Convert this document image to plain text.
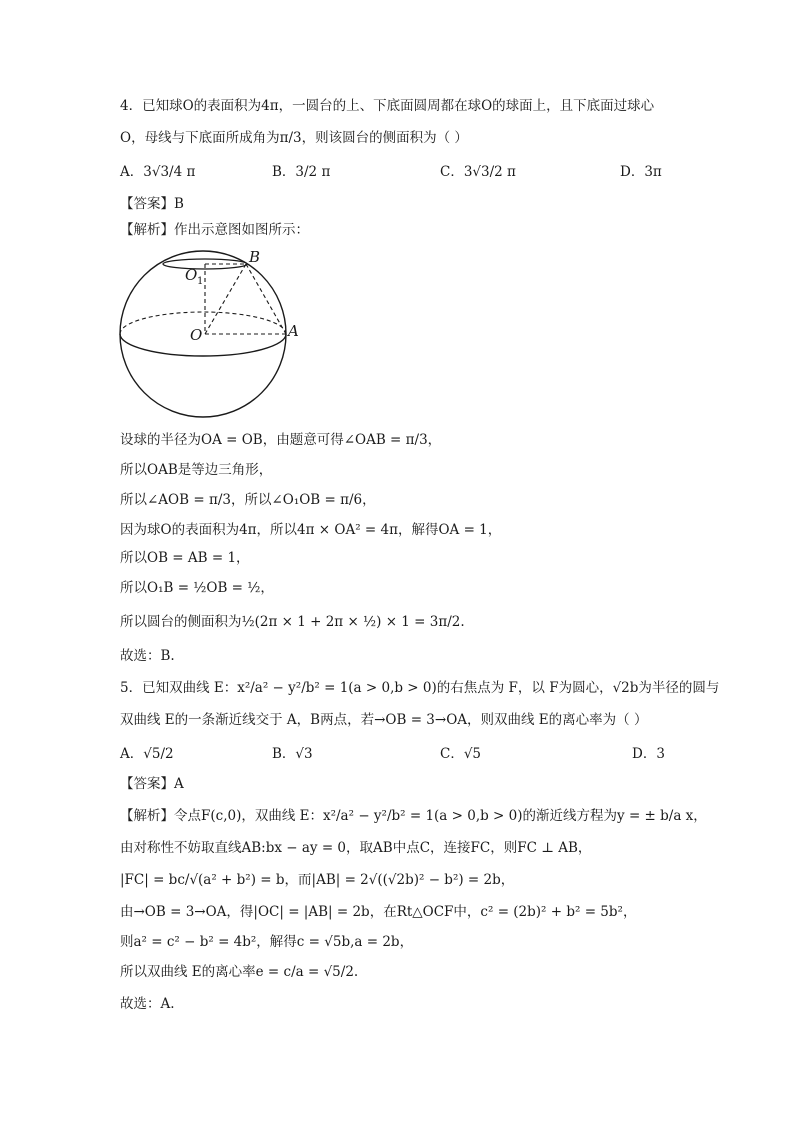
4．已知球O的表面积为4π，一圆台的上、下底面圆周都在球O的球面上，且下底面过球心
O，母线与下底面所成角为π/3，则该圆台的侧面积为（ ）
A．3√3/4 π	B．3/2 π	C．3√3/2 π	D．3π
【答案】B
【解析】作出示意图如图所示：
B
O 1
O	A
设球的半径为OA = OB，由题意可得∠OAB = π/3，
所以OAB是等边三角形，
所以∠AOB = π/3，所以∠O₁OB = π/6，
因为球O的表面积为4π，所以4π × OA² = 4π，解得OA = 1，
所以OB = AB = 1，
所以O₁B = ½OB = ½，
所以圆台的侧面积为½(2π × 1 + 2π × ½) × 1 = 3π/2.
故选：B.
5．已知双曲线 E：x²/a² − y²/b² = 1(a > 0,b > 0)的右焦点为 F，以 F为圆心，√2b为半径的圆与
双曲线 E的一条渐近线交于 A，B两点，若→OB = 3→OA，则双曲线 E的离心率为（ ）
A．√5/2	B．√3	C．√5	D．3
【答案】A
【解析】令点F(c,0)，双曲线 E：x²/a² − y²/b² = 1(a > 0,b > 0)的渐近线方程为y = ± b/a x，
由对称性不妨取直线AB:bx − ay = 0，取AB中点C，连接FC，则FC ⊥ AB，
|FC| = bc/√(a² + b²) = b，而|AB| = 2√((√2b)² − b²) = 2b，
由→OB = 3→OA，得|OC| = |AB| = 2b，在Rt△OCF中，c² = (2b)² + b² = 5b²，
则a² = c² − b² = 4b²，解得c = √5b,a = 2b，
所以双曲线 E的离心率e = c/a = √5/2.
故选：A.
